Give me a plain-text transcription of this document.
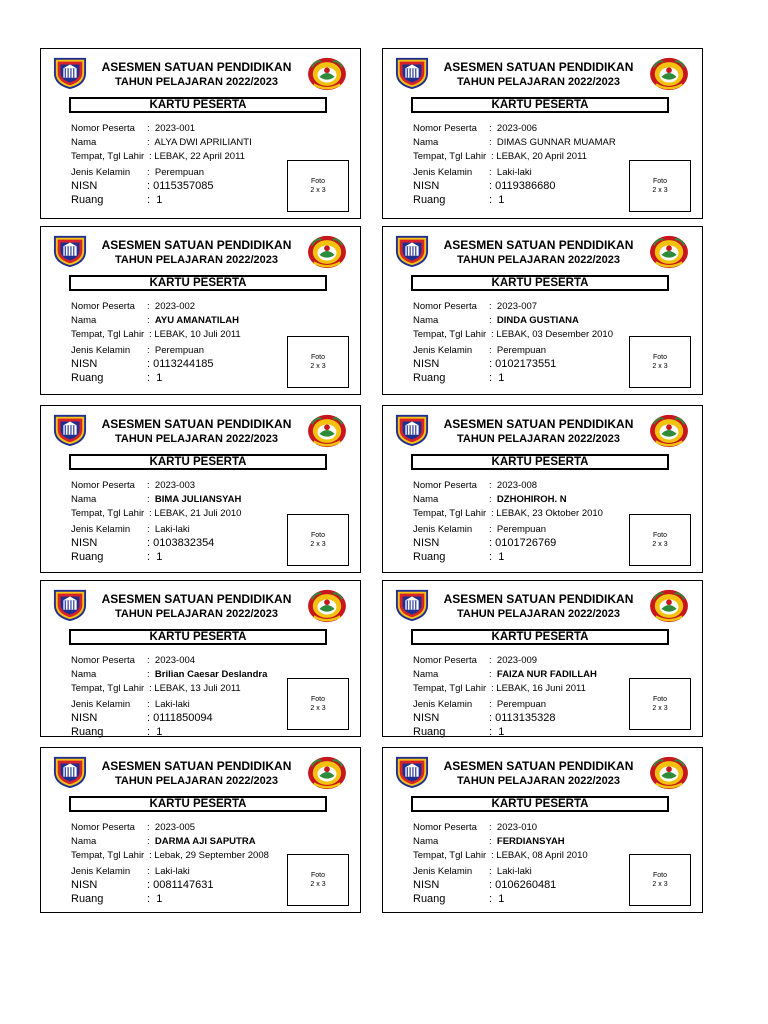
ASESMEN SATUAN PENDIDIKAN
TAHUN PELAJARAN 2022/2023
KARTU PESERTA
Nomor Peserta : 2023-001
Nama	: ALYA DWI APRILIANTI
Tempat, Tgl Lahir : LEBAK, 22 April 2011
Jenis Kelamin : Perempuan
NISN	: 0115357085
Ruang	: 1
Foto
2 x 3
ASESMEN SATUAN PENDIDIKAN
TAHUN PELAJARAN 2022/2023
KARTU PESERTA
Nomor Peserta : 2023-002
Nama	: AYU AMANATILAH
Tempat, Tgl Lahir : LEBAK, 10 Juli 2011
Jenis Kelamin : Perempuan
NISN	: 0113244185
Ruang	: 1
Foto
2 x 3
ASESMEN SATUAN PENDIDIKAN
TAHUN PELAJARAN 2022/2023
KARTU PESERTA
Nomor Peserta : 2023-003
Nama	: BIMA JULIANSYAH
Tempat, Tgl Lahir : LEBAK, 21 Juli 2010
Jenis Kelamin : Laki-laki
NISN	: 0103832354
Ruang	: 1
Foto
2 x 3
ASESMEN SATUAN PENDIDIKAN
TAHUN PELAJARAN 2022/2023
KARTU PESERTA
Nomor Peserta : 2023-004
Nama	: Brilian Caesar Deslandra
Tempat, Tgl Lahir : LEBAK, 13 Juli 2011
Jenis Kelamin : Laki-laki
NISN	: 0111850094
Ruang	: 1
Foto
2 x 3
ASESMEN SATUAN PENDIDIKAN
TAHUN PELAJARAN 2022/2023
KARTU PESERTA
Nomor Peserta : 2023-005
Nama	: DARMA AJI SAPUTRA
Tempat, Tgl Lahir : Lebak, 29 September 2008
Jenis Kelamin : Laki-laki
NISN	: 0081147631
Ruang	: 1
Foto
2 x 3
ASESMEN SATUAN PENDIDIKAN
TAHUN PELAJARAN 2022/2023
KARTU PESERTA
Nomor Peserta : 2023-006
Nama	: DIMAS GUNNAR MUAMAR
Tempat, Tgl Lahir : LEBAK, 20 April 2011
Jenis Kelamin : Laki-laki
NISN	: 0119386680
Ruang	: 1
Foto
2 x 3
ASESMEN SATUAN PENDIDIKAN
TAHUN PELAJARAN 2022/2023
KARTU PESERTA
Nomor Peserta : 2023-007
Nama	: DINDA GUSTIANA
Tempat, Tgl Lahir : LEBAK, 03 Desember 2010
Jenis Kelamin : Perempuan
NISN	: 0102173551
Ruang	: 1
Foto
2 x 3
ASESMEN SATUAN PENDIDIKAN
TAHUN PELAJARAN 2022/2023
KARTU PESERTA
Nomor Peserta : 2023-008
Nama	: DZHOHIROH. N
Tempat, Tgl Lahir : LEBAK, 23 Oktober 2010
Jenis Kelamin : Perempuan
NISN	: 0101726769
Ruang	: 1
Foto
2 x 3
ASESMEN SATUAN PENDIDIKAN
TAHUN PELAJARAN 2022/2023
KARTU PESERTA
Nomor Peserta : 2023-009
Nama	: FAIZA NUR FADILLAH
Tempat, Tgl Lahir : LEBAK, 16 Juni 2011
Jenis Kelamin : Perempuan
NISN	: 0113135328
Ruang	: 1
Foto
2 x 3
ASESMEN SATUAN PENDIDIKAN
TAHUN PELAJARAN 2022/2023
KARTU PESERTA
Nomor Peserta : 2023-010
Nama	: FERDIANSYAH
Tempat, Tgl Lahir : LEBAK, 08 April 2010
Jenis Kelamin : Laki-laki
NISN	: 0106260481
Ruang	: 1
Foto
2 x 3
